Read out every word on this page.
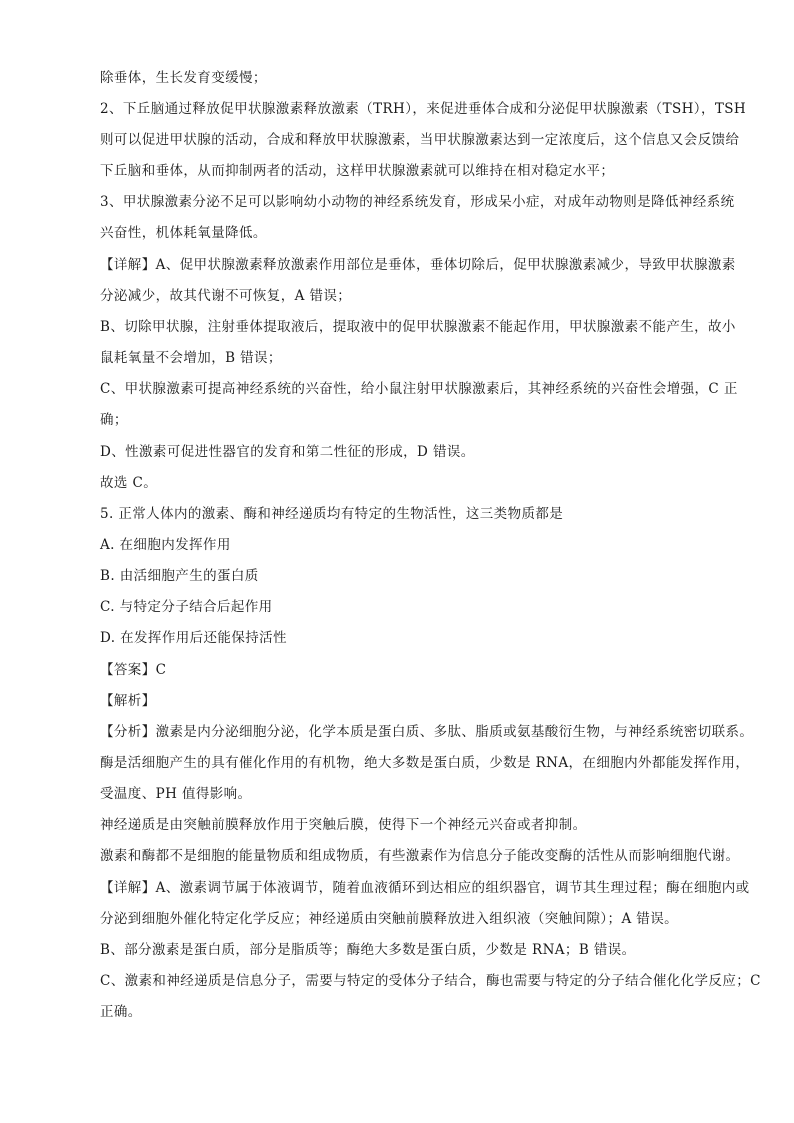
除垂体，生长发育变缓慢；
2、下丘脑通过释放促甲状腺激素释放激素（TRH），来促进垂体合成和分泌促甲状腺激素（TSH），TSH
则可以促进甲状腺的活动，合成和释放甲状腺激素，当甲状腺激素达到一定浓度后，这个信息又会反馈给
下丘脑和垂体，从而抑制两者的活动，这样甲状腺激素就可以维持在相对稳定水平；
3、甲状腺激素分泌不足可以影响幼小动物的神经系统发育，形成呆小症，对成年动物则是降低神经系统
兴奋性，机体耗氧量降低。
【详解】A、促甲状腺激素释放激素作用部位是垂体，垂体切除后，促甲状腺激素减少，导致甲状腺激素
分泌减少，故其代谢不可恢复，A 错误；
B、切除甲状腺，注射垂体提取液后，提取液中的促甲状腺激素不能起作用，甲状腺激素不能产生，故小
鼠耗氧量不会增加，B 错误；
C、甲状腺激素可提高神经系统的兴奋性，给小鼠注射甲状腺激素后，其神经系统的兴奋性会增强，C 正
确；
D、性激素可促进性器官的发育和第二性征的形成，D 错误。
故选 C。
5. 正常人体内的激素、酶和神经递质均有特定的生物活性，这三类物质都是
A. 在细胞内发挥作用
B. 由活细胞产生的蛋白质
C. 与特定分子结合后起作用
D. 在发挥作用后还能保持活性
【答案】C
【解析】
【分析】激素是内分泌细胞分泌，化学本质是蛋白质、多肽、脂质或氨基酸衍生物，与神经系统密切联系。
酶是活细胞产生的具有催化作用的有机物，绝大多数是蛋白质，少数是 RNA，在细胞内外都能发挥作用，
受温度、PH 值得影响。
神经递质是由突触前膜释放作用于突触后膜，使得下一个神经元兴奋或者抑制。
激素和酶都不是细胞的能量物质和组成物质，有些激素作为信息分子能改变酶的活性从而影响细胞代谢。
【详解】A、激素调节属于体液调节，随着血液循环到达相应的组织器官，调节其生理过程；酶在细胞内或
分泌到细胞外催化特定化学反应；神经递质由突触前膜释放进入组织液（突触间隙）；A 错误。
B、部分激素是蛋白质，部分是脂质等；酶绝大多数是蛋白质，少数是 RNA；B 错误。
C、激素和神经递质是信息分子，需要与特定的受体分子结合，酶也需要与特定的分子结合催化化学反应；C
正确。
